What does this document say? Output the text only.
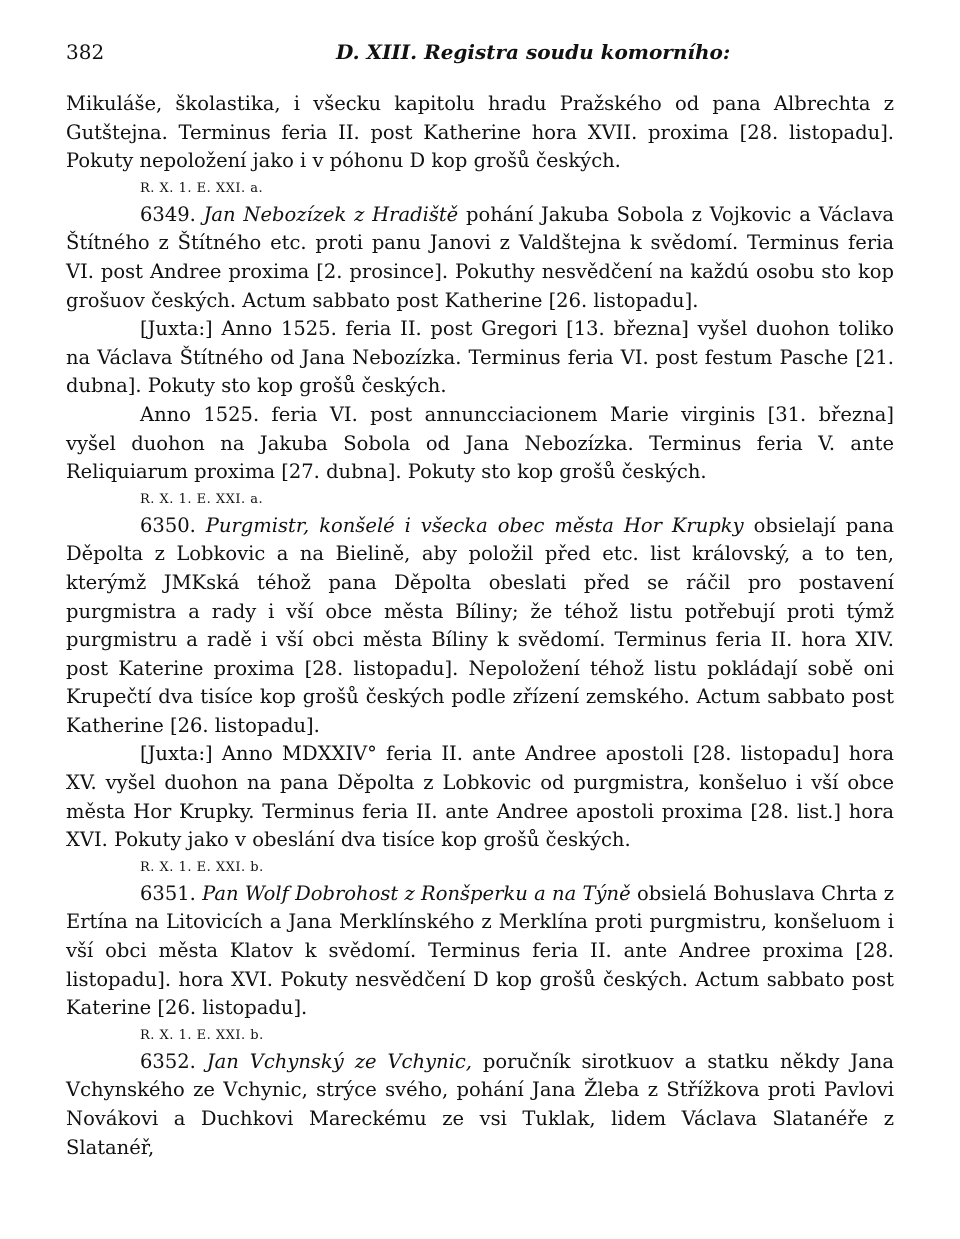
382	D. XIII. Registra soudu komorního:

Mikuláše, školastika, i všecku kapitolu hradu Pražského od pana Albrechta z Gutštejna. Terminus feria II. post Katherine hora XVII. proxima [28. listopadu]. Pokuty nepoložení jako i v póhonu D kop grošů českých.

R. X. 1. E. XXI. a.

6349. Jan Nebozízek z Hradiště pohání Jakuba Sobola z Vojkovic a Václava Štítného z Štítného etc. proti panu Janovi z Valdštejna k svědomí. Terminus feria VI. post Andree proxima [2. prosince]. Pokuthy nesvědčení na každú osobu sto kop grošuov českých. Actum sabbato post Katherine [26. listopadu].

[Juxta:] Anno 1525. feria II. post Gregori [13. března] vyšel duohon toliko na Václava Štítného od Jana Nebozízka. Terminus feria VI. post festum Pasche [21. dubna]. Pokuty sto kop grošů českých.

Anno 1525. feria VI. post annuncciacionem Marie virginis [31. března] vyšel duohon na Jakuba Sobola od Jana Nebozízka. Terminus feria V. ante Reliquiarum proxima [27. dubna]. Pokuty sto kop grošů českých.

R. X. 1. E. XXI. a.

6350. Purgmistr, konšelé i všecka obec města Hor Krupky obsielají pana Děpolta z Lobkovic a na Bielině, aby položil před etc. list královský, a to ten, kterýmž JMKská téhož pana Děpolta obeslati před se ráčil pro postavení purgmistra a rady i vší obce města Bíliny; že téhož listu potřebují proti týmž purgmistru a radě i vší obci města Bíliny k svědomí. Terminus feria II. hora XIV. post Katerine proxima [28. listopadu]. Nepoložení téhož listu pokládají sobě oni Krupečtí dva tisíce kop grošů českých podle zřízení zemského. Actum sabbato post Katherine [26. listopadu].

[Juxta:] Anno MDXXIV° feria II. ante Andree apostoli [28. listopadu] hora XV. vyšel duohon na pana Děpolta z Lobkovic od purgmistra, konšeluo i vší obce města Hor Krupky. Terminus feria II. ante Andree apostoli proxima [28. list.] hora XVI. Pokuty jako v obeslání dva tisíce kop grošů českých.

R. X. 1. E. XXI. b.

6351. Pan Wolf Dobrohost z Ronšperku a na Týně obsielá Bohuslava Chrta z Ertína na Litovicích a Jana Merklínského z Merklína proti purgmistru, konšeluom i vší obci města Klatov k svědomí. Terminus feria II. ante Andree proxima [28. listopadu]. hora XVI. Pokuty nesvědčení D kop grošů českých. Actum sabbato post Katerine [26. listopadu].

R. X. 1. E. XXI. b.

6352. Jan Vchynský ze Vchynic, poručník sirotkuov a statku někdy Jana Vchynského ze Vchynic, strýce svého, pohání Jana Žleba z Střížkova proti Pavlovi Novákovi a Duchkovi Mareckému ze vsi Tuklak, lidem Václava Slatanéře z Slatanéř,
